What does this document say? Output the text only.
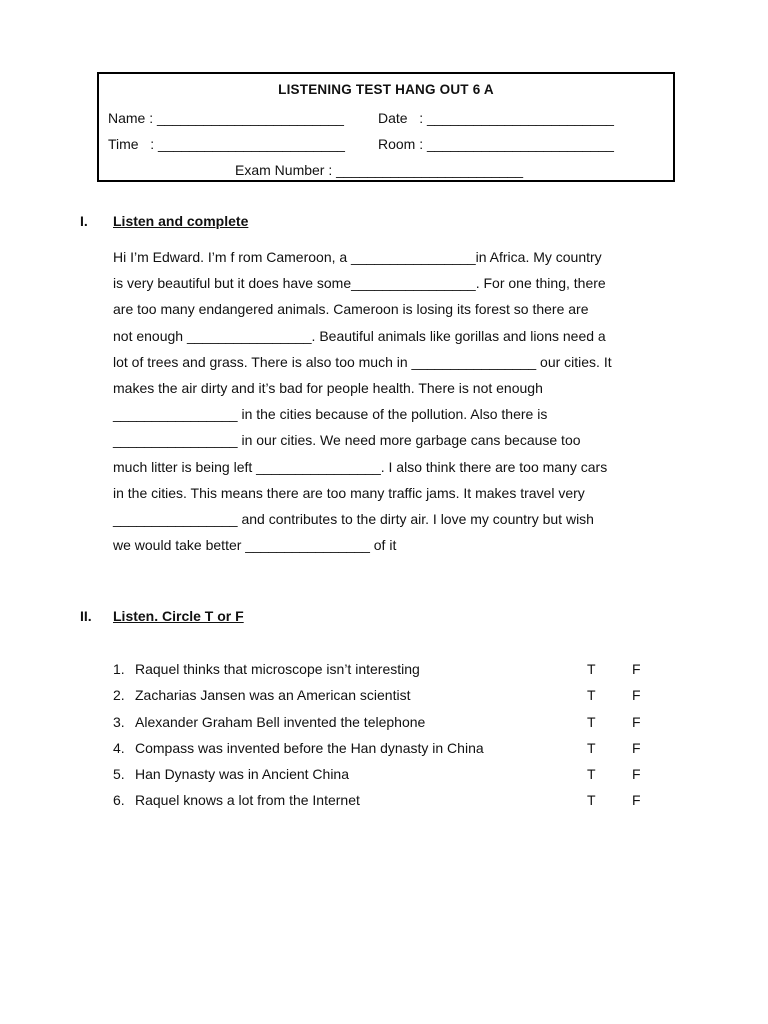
LISTENING TEST HANG OUT 6 A
Name : ________________________ Date   : ________________________
Time   : ________________________ Room : ________________________
Exam Number : ________________________
I. Listen and complete
Hi I’m Edward. I’m f rom Cameroon, a ________________in Africa. My country
is very beautiful but it does have some________________. For one thing, there
are too many endangered animals. Cameroon is losing its forest so there are
not enough ________________. Beautiful animals like gorillas and lions need a
lot of trees and grass. There is also too much in ________________ our cities. It
makes the air dirty and it’s bad for people health. There is not enough
________________ in the cities because of the pollution. Also there is
________________ in our cities. We need more garbage cans because too
much litter is being left ________________. I also think there are too many cars
in the cities. This means there are too many traffic jams. It makes travel very
________________ and contributes to the dirty air. I love my country but wish
we would take better ________________ of it
II. Listen. Circle T or F
1. Raquel thinks that microscope isn’t interesting	T	F
2. Zacharias Jansen was an American scientist	T	F
3. Alexander Graham Bell invented the telephone	T	F
4. Compass was invented before the Han dynasty in China	T	F
5. Han Dynasty was in Ancient China	T	F
6. Raquel knows a lot from the Internet	T	F
